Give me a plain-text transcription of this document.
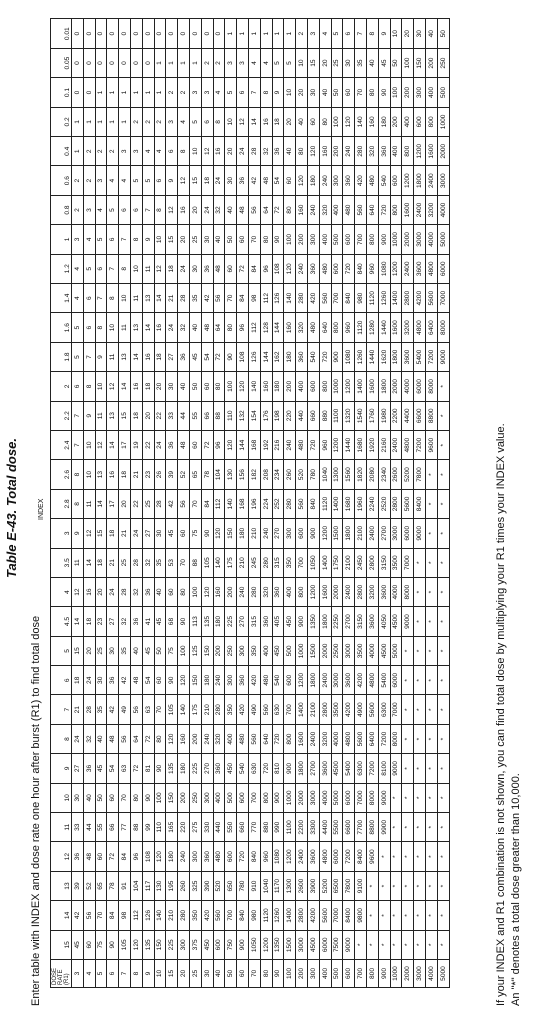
Table E-43. Total dose.
Enter table with INDEX and dose rate one hour after burst (R1) to find total dose DOSE RATE (R1)	15	14	13	12	11	10	9	8	7	6	5	4.5	4	3.5	3	2.8	2.6	2.4	2.2	2	1.8	1.6	1.4	1.2	1	0.8	0.6	0.4	0.2	0.1	0.05	0.01
3	45	42	39	36	33	30	27	24	21	18	15	14	12	11	9	8	8	7	7	6	5	5	4	4	3	2	2	1	1	0	0	0
4	60	56	52	48	44	40	36	32	28	24	20	18	16	14	12	11	10	10	9	8	7	6	6	5	4	3	2	2	1	0	0	0
5	75	70	65	60	55	50	45	40	35	30	25	23	20	18	15	14	13	12	11	10	9	8	7	6	5	4	3	2	1	1	0	0
6	90	84	78	72	66	60	54	48	42	36	30	27	24	21	18	17	16	14	13	12	11	10	8	7	6	5	4	2	1	1	0	0
7	105	98	91	84	77	70	63	56	49	42	35	32	28	25	21	20	18	17	15	14	13	11	10	8	7	6	4	3	1	1	0	0
8	120	112	104	96	88	80	72	64	56	48	40	36	32	28	24	22	21	19	18	16	14	13	11	10	8	6	5	3	2	1	0	0
9	135	126	117	108	99	90	81	72	63	54	45	41	36	32	27	25	23	22	20	18	16	14	13	11	9	7	5	4	2	1	0	0
10	150	140	130	120	110	100	90	80	70	60	50	45	40	35	30	28	26	24	22	20	18	16	14	12	10	8	6	4	2	1	1	0
15	225	210	195	180	165	150	135	120	105	90	75	68	60	53	45	42	39	36	33	30	27	24	21	18	15	12	9	6	3	2	1	0
20	300	280	260	240	220	200	180	160	140	120	100	90	80	70	60	56	52	48	44	40	36	32	28	24	20	16	12	8	4	2	1	0
25	375	350	325	300	275	250	225	200	175	150	125	113	100	88	75	70	65	60	55	50	45	40	35	30	25	20	15	10	5	3	1	0
30	450	420	390	360	330	300	270	240	210	180	150	135	120	105	90	84	78	72	66	60	54	48	42	36	30	24	18	12	6	3	2	0
40	600	560	520	480	440	400	360	320	280	240	200	180	160	140	120	112	104	96	88	80	72	64	56	48	40	32	24	16	8	4	2	0
50	750	700	650	600	550	500	450	400	350	300	250	225	200	175	150	140	130	120	110	100	90	80	70	60	50	40	30	20	10	5	3	1
60	900	840	780	720	660	600	540	480	420	360	300	270	240	210	180	168	156	144	132	120	108	96	84	72	60	48	36	24	12	6	3	1
70	1050	980	910	840	770	700	630	560	490	420	350	315	280	245	210	196	182	168	154	140	126	112	98	84	70	56	42	28	14	7	4	1
80	1200	1120	1040	960	880	800	720	640	560	480	400	360	320	280	240	224	208	192	176	160	144	128	112	96	80	64	48	32	16	8	4	1
90	1350	1260	1170	1080	990	900	810	720	630	540	450	405	360	315	270	252	234	216	198	180	162	144	126	108	90	72	54	36	18	9	5	1
100	1500	1400	1300	1200	1100	1000	900	800	700	600	500	450	400	350	300	280	260	240	220	200	180	160	140	120	100	80	60	40	20	10	5	1
200	3000	2800	2600	2400	2200	2000	1800	1600	1400	1200	1000	900	800	700	600	560	520	480	440	400	360	320	280	240	200	160	120	80	40	20	10	2
300	4500	4200	3900	3600	3300	3000	2700	2400	2100	1800	1500	1350	1200	1050	900	840	780	720	660	600	540	480	420	360	300	240	180	120	60	30	15	3
400	6000	5600	5200	4800	4400	4000	3600	3200	2800	2400	2000	1800	1600	1400	1200	1120	1040	960	880	800	720	640	560	480	400	320	240	160	80	40	20	4
500	7500	7000	6500	6000	5500	5000	4500	4000	3500	3000	2500	2250	2000	1750	1500	1400	1300	1200	1100	1000	900	800	700	600	500	400	300	200	100	50	25	5
600	9000	8400	7800	7200	6600	6000	5400	4800	4200	3600	3000	2700	2400	2100	1800	1680	1560	1440	1320	1200	1080	960	840	720	600	480	360	240	120	60	30	6
700	*	9800	9100	8400	7700	7000	6300	5600	4900	4200	3500	3150	2800	2450	2100	1960	1820	1680	1540	1400	1260	1120	980	840	700	560	420	280	140	70	35	7
800	*	*	*	9600	8800	8000	7200	6400	5600	4800	4000	3600	3200	2800	2400	2240	2080	1920	1760	1600	1440	1280	1120	960	800	640	480	320	160	80	40	8
900	*	*	*	*	9900	9000	8100	7200	6300	5400	4500	4050	3600	3150	2700	2520	2340	2160	1980	1800	1620	1440	1260	1080	900	720	540	360	180	90	45	9
1000	*	*	*	*	*	*	9000	8000	7000	6000	5000	4500	4000	3500	3000	2800	2600	2400	2200	2000	1800	1600	1400	1200	1000	800	600	400	200	100	50	10
2000	*	*	*	*	*	*	*	*	*	*	*	9000	8000	7000	6000	5600	5200	4800	4400	4000	3600	3200	2800	2400	2000	1600	1200	800	400	200	100	20
3000	*	*	*	*	*	*	*	*	*	*	*	*	*	*	9000	8400	7800	7200	6600	6000	5400	4800	4200	3600	3000	2400	1800	1200	600	300	150	30
4000	*	*	*	*	*	*	*	*	*	*	*	*	*	*	*	*	*	9600	8800	8000	7200	6400	5600	4800	4000	3200	2400	1600	800	400	200	40
5000	*	*	*	*	*	*	*	*	*	*	*	*	*	*	*	*	*	*	*	*	9000	8000	7000	6000	5000	4000	3000	2000	1000	500	250	50
If your INDEX and R1 combination is not shown, you can find total dose by multiplying your R1 times your INDEX value. An "*" denotes a total dose greater than 10,000.
INDEX
